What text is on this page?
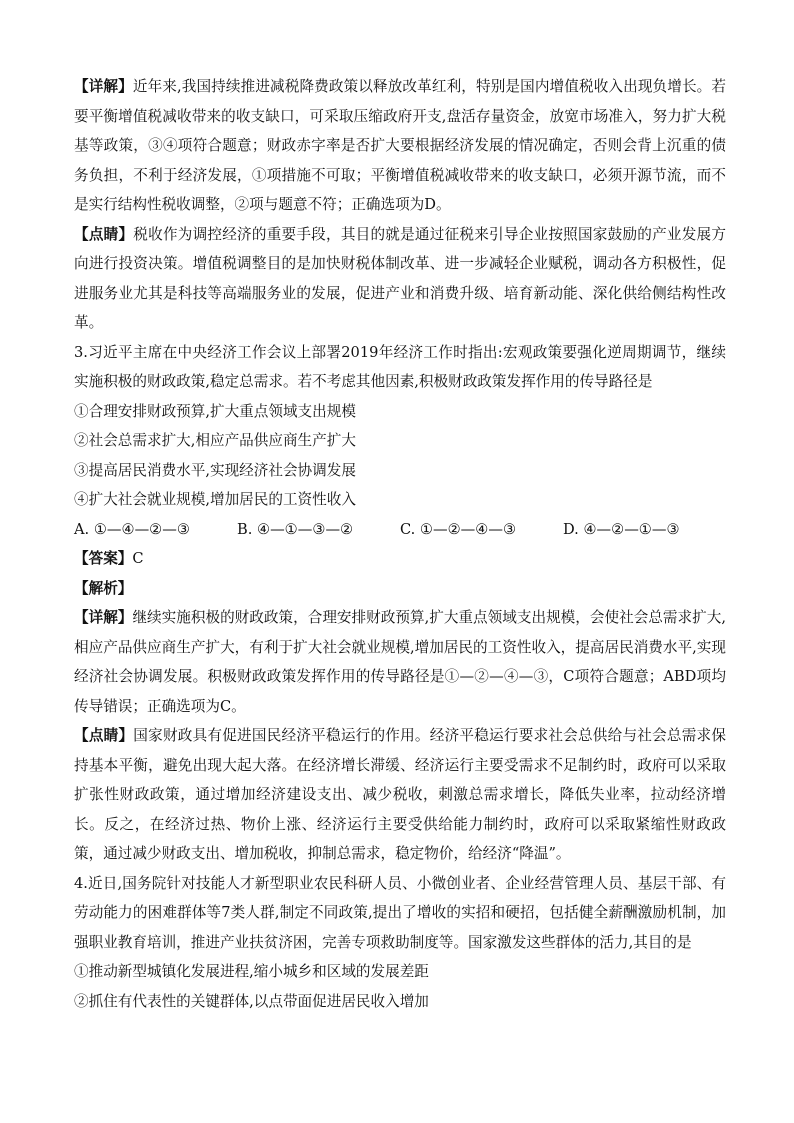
【详解】近年来,我国持续推进减税降费政策以释放改革红利，特别是国内增值税收入出现负增长。若要平衡增值税减收带来的收支缺口，可采取压缩政府开支,盘活存量资金，放宽市场准入，努力扩大税基等政策，③④项符合题意；财政赤字率是否扩大要根据经济发展的情况确定，否则会背上沉重的债务负担，不利于经济发展，①项措施不可取；平衡增值税减收带来的收支缺口，必须开源节流，而不是实行结构性税收调整，②项与题意不符；正确选项为D。

【点睛】税收作为调控经济的重要手段，其目的就是通过征税来引导企业按照国家鼓励的产业发展方向进行投资决策。增值税调整目的是加快财税体制改革、进一步减轻企业赋税，调动各方积极性，促进服务业尤其是科技等高端服务业的发展，促进产业和消费升级、培育新动能、深化供给侧结构性改革。

3.习近平主席在中央经济工作会议上部署2019年经济工作时指出:宏观政策要强化逆周期调节，继续实施积极的财政政策,稳定总需求。若不考虑其他因素,积极财政政策发挥作用的传导路径是

①合理安排财政预算,扩大重点领域支出规模

②社会总需求扩大,相应产品供应商生产扩大

③提高居民消费水平,实现经济社会协调发展

④扩大社会就业规模,增加居民的工资性收入

A. ①—④—②—③	B. ④—①—③—②	C. ①—②—④—③	D. ④—②—①—③

【答案】C

【解析】

【详解】继续实施积极的财政政策，合理安排财政预算,扩大重点领域支出规模，会使社会总需求扩大,相应产品供应商生产扩大，有利于扩大社会就业规模,增加居民的工资性收入，提高居民消费水平,实现经济社会协调发展。积极财政政策发挥作用的传导路径是①—②—④—③，C项符合题意；ABD项均传导错误；正确选项为C。

【点睛】国家财政具有促进国民经济平稳运行的作用。经济平稳运行要求社会总供给与社会总需求保持基本平衡，避免出现大起大落。在经济增长滞缓、经济运行主要受需求不足制约时，政府可以采取扩张性财政政策，通过增加经济建设支出、减少税收，刺激总需求增长，降低失业率，拉动经济增长。反之，在经济过热、物价上涨、经济运行主要受供给能力制约时，政府可以采取紧缩性财政政策，通过减少财政支出、增加税收，抑制总需求，稳定物价，给经济“降温”。

4.近日,国务院针对技能人才新型职业农民科研人员、小微创业者、企业经营管理人员、基层干部、有劳动能力的困难群体等7类人群,制定不同政策,提出了增收的实招和硬招，包括健全薪酬激励机制，加强职业教育培训，推进产业扶贫济困，完善专项救助制度等。国家激发这些群体的活力,其目的是

①推动新型城镇化发展进程,缩小城乡和区域的发展差距

②抓住有代表性的关键群体,以点带面促进居民收入增加
